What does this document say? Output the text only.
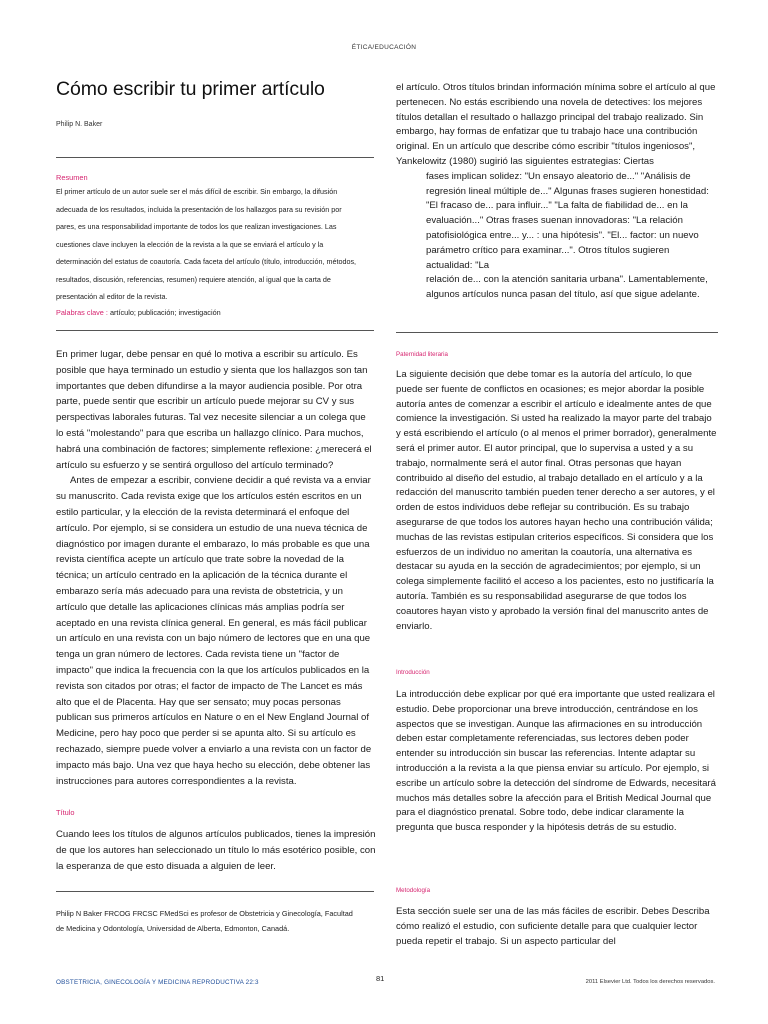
ÉTICA/EDUCACIÓN
Cómo escribir tu primer artículo
Philip N. Baker
Resumen
El primer artículo de un autor suele ser el más difícil de escribir. Sin embargo, la difusión adecuada de los resultados, incluida la presentación de los hallazgos para su revisión por pares, es una responsabilidad importante de todos los que realizan investigaciones. Las cuestiones clave incluyen la elección de la revista a la que se enviará el artículo y la determinación del estatus de coautoría. Cada faceta del artículo (título, introducción, métodos, resultados, discusión, referencias, resumen) requiere atención, al igual que la carta de presentación al editor de la revista.
Palabras clave : artículo; publicación; investigación

En primer lugar, debe pensar en qué lo motiva a escribir su artículo. Es posible que haya terminado un estudio y sienta que los hallazgos son tan importantes que deben difundirse a la mayor audiencia posible. Por otra parte, puede sentir que escribir un artículo puede mejorar su CV y sus perspectivas laborales futuras. Tal vez necesite silenciar a un colega que lo está "molestando" para que escriba un hallazgo clínico. Para muchos, habrá una combinación de factores; simplemente reflexione: ¿merecerá el artículo su esfuerzo y se sentirá orgulloso del artículo terminado?

Antes de empezar a escribir, conviene decidir a qué revista va a enviar su manuscrito. Cada revista exige que los artículos estén escritos en un estilo particular, y la elección de la revista determinará el enfoque del artículo. Por ejemplo, si se considera un estudio de una nueva técnica de diagnóstico por imagen durante el embarazo, lo más probable es que una revista científica acepte un artículo que trate sobre la novedad de la técnica; un artículo centrado en la aplicación de la técnica durante el embarazo sería más adecuado para una revista de obstetricia, y un artículo que detalle las aplicaciones clínicas más amplias podría ser aceptado en una revista clínica general. En general, es más fácil publicar un artículo en una revista con un bajo número de lectores que en una que tenga un gran número de lectores. Cada revista tiene un "factor de impacto" que indica la frecuencia con la que los artículos publicados en la revista son citados por otras; el factor de impacto de The Lancet es más alto que el de Placenta. Hay que ser sensato; muy pocas personas publican sus primeros artículos en Nature o en el New England Journal of Medicine, pero hay poco que perder si se apunta alto. Si su artículo es rechazado, siempre puede volver a enviarlo a una revista con un factor de impacto más bajo. Una vez que haya hecho su elección, debe obtener las instrucciones para autores correspondientes a la revista.

Título
Cuando lees los títulos de algunos artículos publicados, tienes la impresión de que los autores han seleccionado un título lo más esotérico posible, con la esperanza de que esto disuada a alguien de leer.
Philip N Baker FRCOG FRCSC FMedSci es profesor de Obstetricia y Ginecología, Facultad de Medicina y Odontología, Universidad de Alberta, Edmonton, Canadá.

el artículo. Otros títulos brindan información mínima sobre el artículo al que pertenecen. No estás escribiendo una novela de detectives: los mejores títulos detallan el resultado o hallazgo principal del trabajo realizado. Sin embargo, hay formas de enfatizar que tu trabajo hace una contribución original. En un artículo que describe cómo escribir "títulos ingeniosos", Yankelowitz (1980) sugirió las siguientes estrategias: Ciertas

fases implican solidez: "Un ensayo aleatorio de..." "Análisis de regresión lineal múltiple de..." Algunas frases sugieren honestidad: "El fracaso de... para influir..." "La falta de fiabilidad de... en la evaluación..." Otras frases suenan innovadoras: "La relación patofisiológica entre... y... : una hipótesis". "El... factor: un nuevo parámetro crítico para examinar...". Otros títulos sugieren actualidad: "La

relación de... con la atención sanitaria urbana". Lamentablemente, algunos artículos nunca pasan del título, así que sigue adelante.

Paternidad literaria
La siguiente decisión que debe tomar es la autoría del artículo, lo que puede ser fuente de conflictos en ocasiones; es mejor abordar la posible autoría antes de comenzar a escribir el artículo e idealmente antes de que comience la investigación. Si usted ha realizado la mayor parte del trabajo y está escribiendo el artículo (o al menos el primer borrador), generalmente será el primer autor. El autor principal, que lo supervisa a usted y a su trabajo, normalmente será el autor final. Otras personas que hayan contribuido al diseño del estudio, al trabajo detallado en el artículo y a la redacción del manuscrito también pueden tener derecho a ser autores, y el orden de estos individuos debe reflejar su contribución. Es su trabajo asegurarse de que todos los autores hayan hecho una contribución válida; muchas de las revistas estipulan criterios específicos. Si considera que los esfuerzos de un individuo no ameritan la coautoría, una alternativa es destacar su ayuda en la sección de agradecimientos; por ejemplo, si un colega simplemente facilitó el acceso a los pacientes, esto no justificaría la autoría. También es su responsabilidad asegurarse de que todos los coautores hayan visto y aprobado la versión final del manuscrito antes de enviarlo.
Introducción
La introducción debe explicar por qué era importante que usted realizara el estudio. Debe proporcionar una breve introducción, centrándose en los aspectos que se investigan. Aunque las afirmaciones en su introducción deben estar completamente referenciadas, sus lectores deben poder entender su introducción sin buscar las referencias. Intente adaptar su introducción a la revista a la que piensa enviar su artículo. Por ejemplo, si escribe un artículo sobre la detección del síndrome de Edwards, necesitará muchos más detalles sobre la afección para el British Medical Journal que para el diagnóstico prenatal. Sobre todo, debe indicar claramente la pregunta que busca responder y la hipótesis detrás de su estudio.
Metodología
Esta sección suele ser una de las más fáciles de escribir. Debes Describa cómo realizó el estudio, con suficiente detalle para que cualquier lector pueda repetir el trabajo. Si un aspecto particular del
OBSTETRICIA, GINECOLOGÍA Y MEDICINA REPRODUCTIVA 22:3	81	2011 Elsevier Ltd. Todos los derechos reservados.
